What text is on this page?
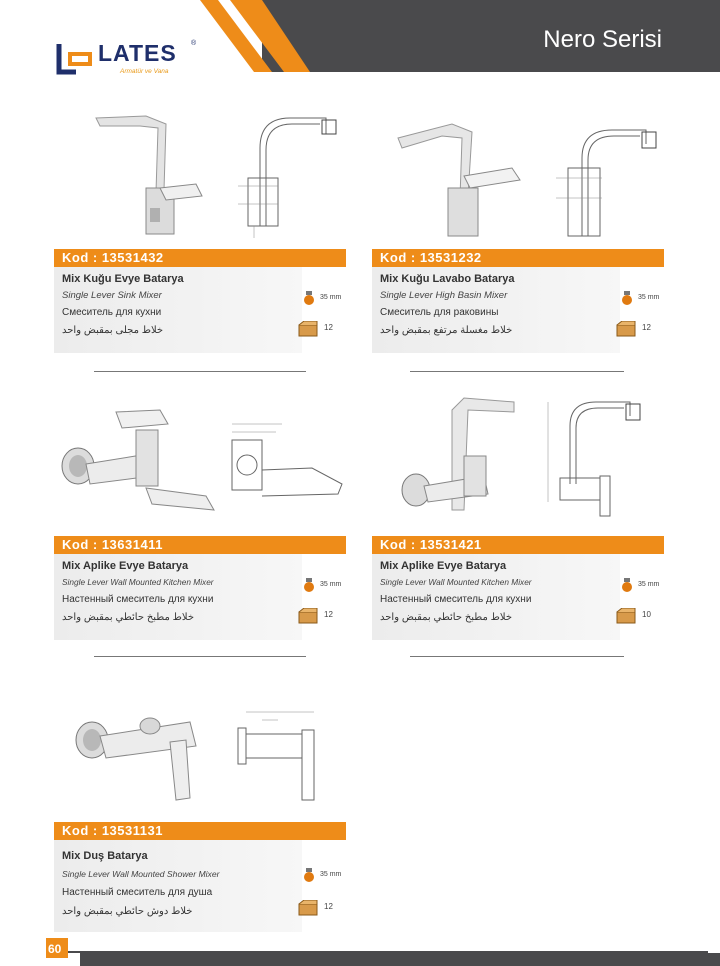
Nero Serisi
LATES ®
Armatür ve Vana
Kod : 13531432
Mix Kuğu Evye Batarya
Single Lever Sink Mixer
Смеситель для кухни
خلاط مجلى بمقبض واحد
35 mm
12
Kod : 13531232
Mix Kuğu Lavabo Batarya
Single Lever High Basin Mixer
Смеситель для раковины
خلاط مغسلة مرتفع بمقبض واحد
35 mm
12
Kod : 13631411
Mix Aplike Evye Batarya
Single Lever Wall Mounted Kitchen Mixer
Настенный смеситель для кухни
خلاط مطبخ حائطي بمقبض واحد
35 mm
12
Kod : 13531421
Mix Aplike Evye Batarya
Single Lever Wall Mounted Kitchen Mixer
Настенный смеситель для кухни
خلاط مطبخ حائطي بمقبض واحد
35 mm
10
Kod : 13531131
Mix Duş Batarya
Single Lever Wall Mounted Shower Mixer
Настенный смеситель для душа
خلاط دوش حائطي بمقبض واحد
35 mm
12
60
